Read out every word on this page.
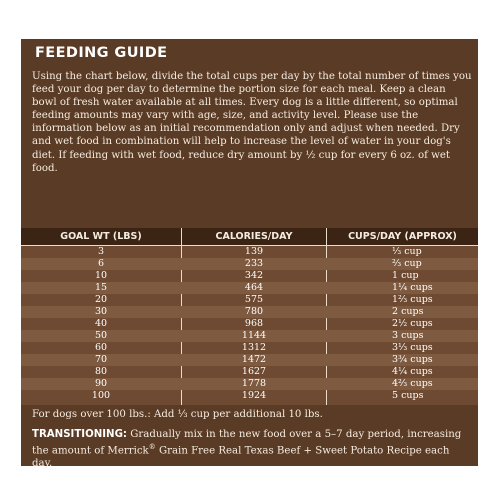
FEEDING GUIDE
Using the chart below, divide the total cups per day by the total number of times you feed your dog per day to determine the portion size for each meal. Keep a clean bowl of fresh water available at all times. Every dog is a little different, so optimal feeding amounts may vary with age, size, and activity level. Please use the information below as an initial recommendation only and adjust when needed. Dry and wet food in combination will help to increase the level of water in your dog's diet. If feeding with wet food, reduce dry amount by ½ cup for every 6 oz. of wet food.
GOAL WT (LBS)	CALORIES/DAY	CUPS/DAY (APPROX)
3	139	⅓ cup
6	233	⅔ cup
10	342	1 cup
15	464	1¼ cups
20	575	1⅔ cups
30	780	2 cups
40	968	2½ cups
50	1144	3 cups
60	1312	3⅓ cups
70	1472	3¾ cups
80	1627	4¼ cups
90	1778	4⅔ cups
100	1924	5 cups
For dogs over 100 lbs.: Add ⅓ cup per additional 10 lbs.
TRANSITIONING: Gradually mix in the new food over a 5–7 day period, increasing the amount of Merrick® Grain Free Real Texas Beef + Sweet Potato Recipe each day.
